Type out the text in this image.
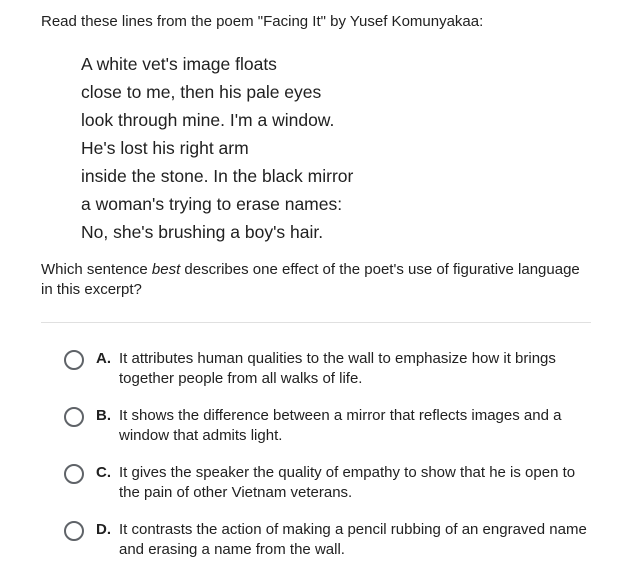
Read these lines from the poem "Facing It" by Yusef Komunyakaa:

A white vet's image floats
close to me, then his pale eyes
look through mine. I'm a window.
He's lost his right arm
inside the stone. In the black mirror
a woman's trying to erase names:
No, she's brushing a boy's hair.

Which sentence best describes one effect of the poet's use of figurative language in this excerpt?

A. It attributes human qualities to the wall to emphasize how it brings together people from all walks of life.
B. It shows the difference between a mirror that reflects images and a window that admits light.
C. It gives the speaker the quality of empathy to show that he is open to the pain of other Vietnam veterans.
D. It contrasts the action of making a pencil rubbing of an engraved name and erasing a name from the wall.
